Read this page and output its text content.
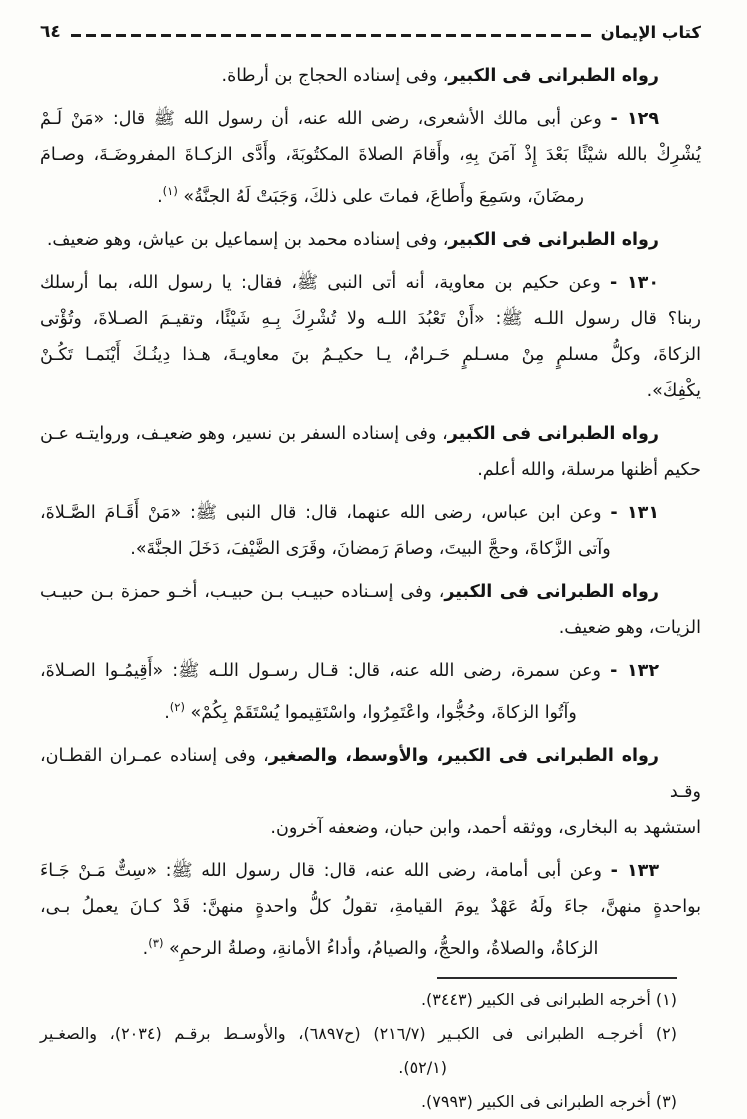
كتاب الإيمان
٦٤
رواه الطبرانى فى الكبير، وفى إسناده الحجاج بن أرطاة.
١٢٩ - وعن أبى مالك الأشعرى، رضى الله عنه، أن رسول الله ﷺ قال: «مَنْ لَـمْ
يُشْرِكْ بالله شيْئًا بَعْدَ إِذْ آمَنَ بِهِ، وأَقامَ الصلاةَ المكتُوبَةَ، وأَدَّى الزكـاةَ المفروضَـةَ، وصـامَ
رمضَانَ، وسَمِعَ وأَطاعَ، فماتَ على ذلكَ، وَجَبَتْ لَهُ الجنَّةُ» $^{(١)}$.
رواه الطبرانى فى الكبير، وفى إسناده محمد بن إسماعيل بن عياش، وهو ضعيف.
١٣٠ - وعن حكيم بن معاوية، أنه أتى النبى ﷺ، فقال: يا رسول الله، بما أرسلك
ربنا؟ قال رسول اللـه ﷺ: «أَنْ تَعْبُدَ اللـه ولا تُشْرِكَ بِـهِ شَيْئًا، وتقيـمَ الصـلاةَ، وتُؤْتى
الزكاةَ، وكلُّ مسلمٍ مِنْ مسـلمٍ حَـرامٌ، يـا حكيـمُ بنَ معاويـةَ، هـذا دِينُـكَ أَيْنَمـا تَكُـنْ
يكْفِكَ».
رواه الطبرانى فى الكبير، وفى إسناده السفر بن نسير، وهو ضعيـف، وروايتـه عـن
حكيم أظنها مرسلة، والله أعلم.
١٣١ - وعن ابن عباس، رضى الله عنهما، قال: قال النبى ﷺ: «مَنْ أَقَـامَ الصَّـلاةَ،
وآتى الزَّكاةَ، وحجَّ البيتَ، وصامَ رَمضانَ، وقَرَى الضَّيْفَ، دَخَلَ الجنَّةَ».
رواه الطبرانى فى الكبير، وفى إسـناده حبيـب بـن حبيـب، أخـو حمزة بـن حبيـب
الزيات، وهو ضعيف.
١٣٢ - وعن سمرة، رضى الله عنه، قال: قـال رسـول اللـه ﷺ: «أَقِيمُـوا الصـلاةَ،
وآتُوا الزكاةَ، وحُجُّوا، واعْتَمِرُوا، واسْتَقِيموا يُسْتَقَمْ بِكُمْ» $^{(٢)}$.
رواه الطبرانى فى الكبير، والأوسط، والصغير، وفى إسناده عمـران القطـان، وقـد
استشهد به البخارى، ووثقه أحمد، وابن حبان، وضعفه آخرون.
١٣٣ - وعن أبى أمامة، رضى الله عنه، قال: قال رسول الله ﷺ: «سِتٌّ مَـنْ جَـاءَ
بواحدةٍ منهنَّ، جاءَ ولَهُ عَهْدٌ يومَ القيامةِ، تقولُ كلُّ واحدةٍ منهنَّ: قَدْ كـانَ يعملُ بـى،
الزكاةُ، والصلاةُ، والحجُّ، والصيامُ، وأداءُ الأمانةِ، وصلةُ الرحمِ» $^{(٣)}$.
(١) أخرجه الطبرانى فى الكبير (٣٤٤٣).
(٢) أخرجـه الطبرانى فى الكبـير (٢١٦/٧) (ح٦٨٩٧)، والأوسـط برقـم (٢٠٣٤)، والصغـير
(٥٢/١).
(٣) أخرجه الطبرانى فى الكبير (٧٩٩٣).
